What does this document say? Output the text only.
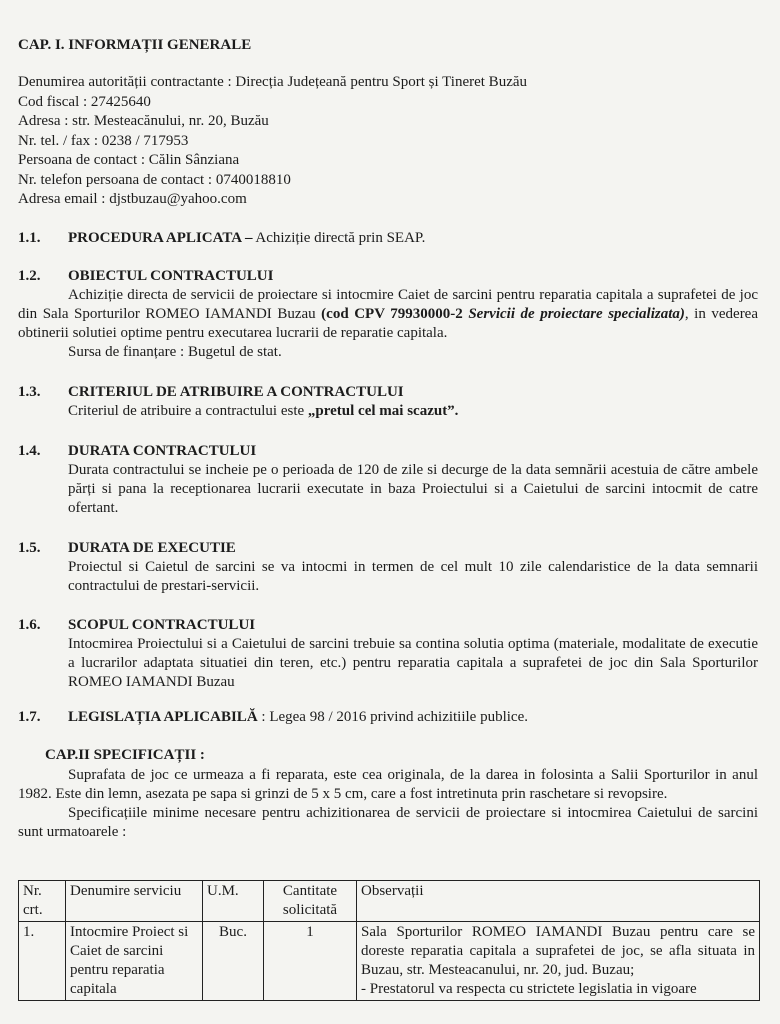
CAP. I. INFORMAȚII GENERALE
Denumirea autorității contractante : Direcția Județeană pentru Sport și Tineret Buzău
Cod fiscal : 27425640
Adresa : str. Mesteacănului, nr. 20, Buzău
Nr. tel. / fax : 0238 / 717953
Persoana de contact : Călin Sânziana
Nr. telefon persoana de contact : 0740018810
Adresa email : djstbuzau@yahoo.com
1.1. PROCEDURA APLICATA – Achiziție directă prin SEAP.
1.2. OBIECTUL CONTRACTULUI
Achiziție directa de servicii de proiectare si intocmire Caiet de sarcini pentru reparatia capitala a suprafetei de joc din Sala Sporturilor ROMEO IAMANDI Buzau (cod CPV 79930000-2 Servicii de proiectare specializata), in vederea obtinerii solutiei optime pentru executarea lucrarii de reparatie capitala.
Sursa de finanțare : Bugetul de stat.
1.3. CRITERIUL DE ATRIBUIRE A CONTRACTULUI
Criteriul de atribuire a contractului este „pretul cel mai scazut”.
1.4. DURATA CONTRACTULUI
Durata contractului se incheie pe o perioada de 120 de zile si decurge de la data semnării acestuia de către ambele părți si pana la receptionarea lucrarii executate in baza Proiectului si a Caietului de sarcini intocmit de catre ofertant.
1.5. DURATA DE EXECUTIE
Proiectul si Caietul de sarcini se va intocmi in termen de cel mult 10 zile calendaristice de la data semnarii contractului de prestari-servicii.
1.6. SCOPUL CONTRACTULUI
Intocmirea Proiectului si a Caietului de sarcini trebuie sa contina solutia optima (materiale, modalitate de executie a lucrarilor adaptata situatiei din teren, etc.) pentru reparatia capitala a suprafetei de joc din Sala Sporturilor ROMEO IAMANDI Buzau
1.7. LEGISLAȚIA APLICABILĂ : Legea 98 / 2016 privind achizitiile publice.
CAP.II SPECIFICAȚII :

Suprafata de joc ce urmeaza a fi reparata, este cea originala, de la darea in folosinta a Salii Sporturilor in anul 1982. Este din lemn, asezata pe sapa si grinzi de 5 x 5 cm, care a fost intretinuta prin raschetare si revopsire.

Specificațiile minime necesare pentru achizitionarea de servicii de proiectare si intocmirea Caietului de sarcini sunt urmatoarele :

Nr. crt.	Denumire serviciu	U.M.	Cantitate solicitată	Observații
1.	Intocmire Proiect si Caiet de sarcini pentru reparatia capitala	Buc.	1	Sala Sporturilor ROMEO IAMANDI Buzau pentru care se doreste reparatia capitala a suprafetei de joc, se afla situata in Buzau, str. Mesteacanului, nr. 20, jud. Buzau;
- Prestatorul va respecta cu strictete legislatia in vigoare
